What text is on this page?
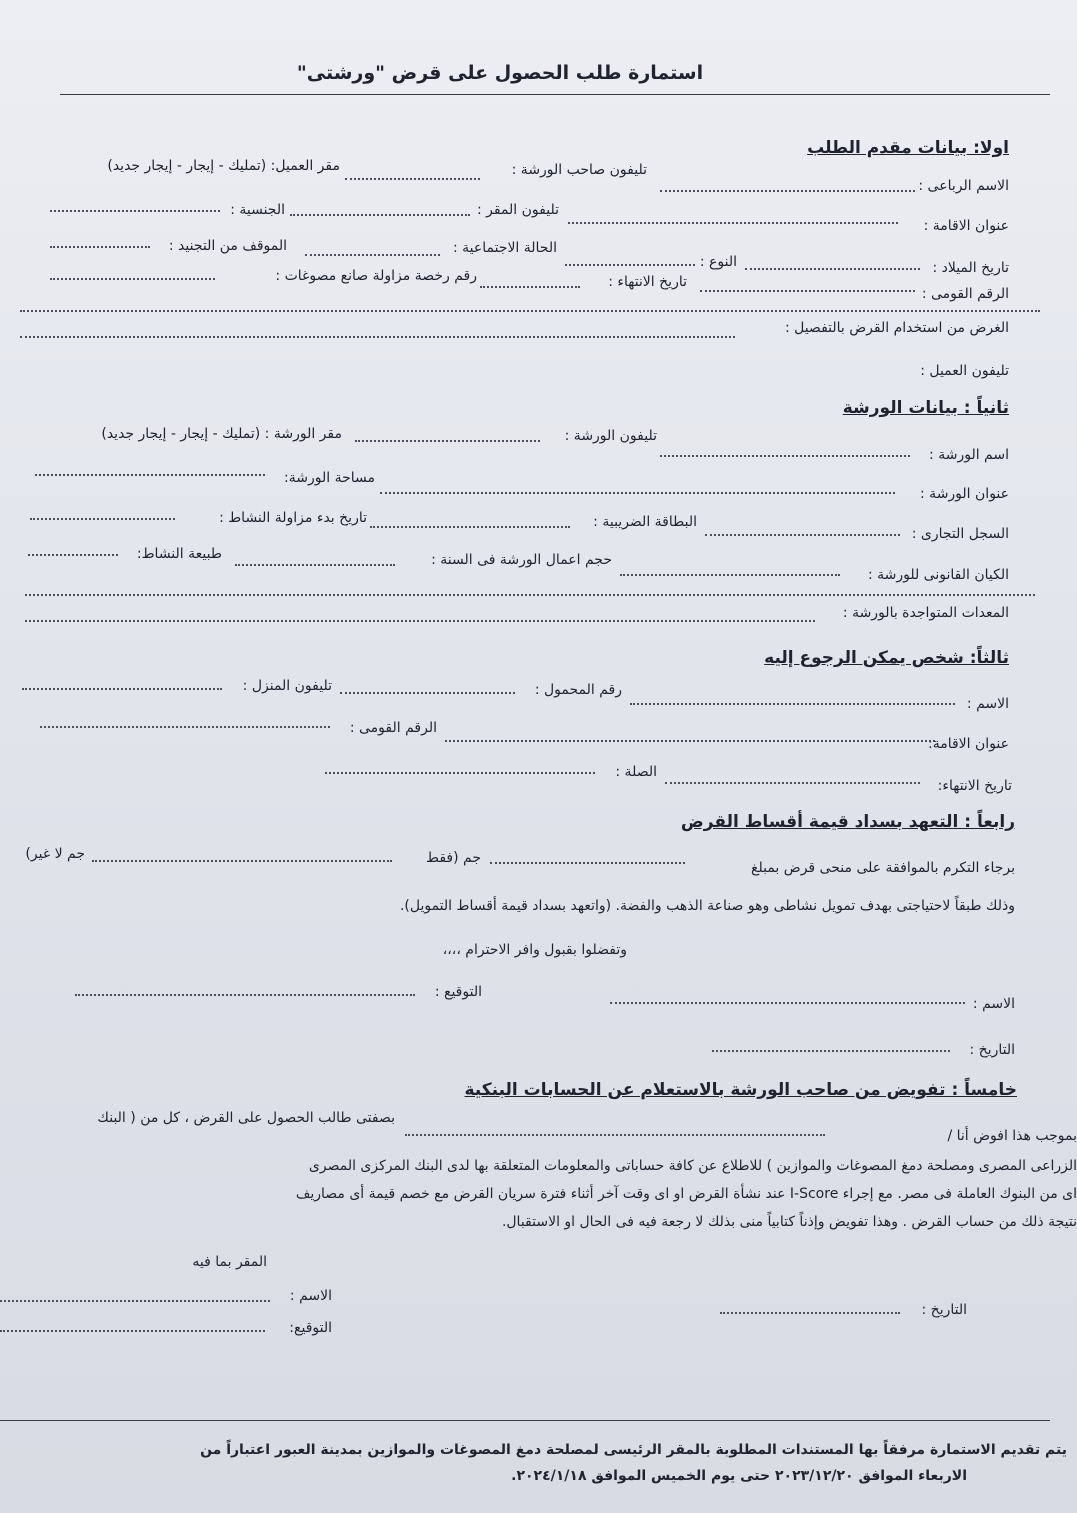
استمارة طلب الحصول على قرض "ورشتى"
اولا: بيانات مقدم الطلب
الاسم الرباعى :
تليفون صاحب الورشة :
مقر العميل: (تمليك - إيجار - إيجار جديد)
عنوان الاقامة :
تليفون المقر :
الجنسية :
تاريخ الميلاد :
النوع :
الحالة الاجتماعية :
الموقف من التجنيد :
الرقم القومى :
تاريخ الانتهاء :
رقم رخصة مزاولة صانع مصوغات :
الغرض من استخدام القرض بالتفصيل :
تليفون العميل :
ثانياً : بيانات الورشة
اسم الورشة :
تليفون الورشة :
مقر الورشة : (تمليك - إيجار - إيجار جديد)
عنوان الورشة :
مساحة الورشة:
السجل التجارى :
البطاقة الضريبية :
تاريخ بدء مزاولة النشاط :
الكيان القانونى للورشة :
حجم اعمال الورشة فى السنة :
طبيعة النشاط:
المعدات المتواجدة بالورشة :
ثالثاً: شخص يمكن الرجوع إليه
الاسم :
رقم المحمول :
تليفون المنزل :
عنوان الاقامة:
الرقم القومى :
تاريخ الانتهاء:
الصلة :
رابعاً : التعهد بسداد قيمة أقساط القرض
برجاء التكرم بالموافقة على منحى قرض بمبلغ
جم (فقط
جم لا غير)
وذلك طبقاً لاحتياجتى بهدف تمويل نشاطى وهو صناعة الذهب والفضة. (واتعهد بسداد قيمة أقساط التمويل).
وتفضلوا بقبول وافر الاحترام ،،،،
الاسم :
التوقيع :
التاريخ :
خامساً : تفويض من صاحب الورشة بالاستعلام عن الحسابات البنكية
بموجب هذا افوض أنا /
بصفتى طالب الحصول على القرض ، كل من ( البنك
الزراعى المصرى ومصلحة دمغ المصوغات والموازين ) للاطلاع عن كافة حساباتى والمعلومات المتعلقة بها لدى البنك المركزى المصرى
اى من البنوك العاملة فى مصر. مع إجراء I-Score عند نشأة القرض او اى وقت آخر أثناء فترة سريان القرض مع خصم قيمة أى مصاريف
نتيجة ذلك من حساب القرض . وهذا تفويض وإذناً كتابياً منى بذلك لا رجعة فيه فى الحال او الاستقبال.
المقر بما فيه
الاسم :
التاريخ :
التوقيع:
يتم تقديم الاستمارة مرفقاً بها المستندات المطلوبة بالمقر الرئيسى لمصلحة دمغ المصوغات والموازين بمدينة العبور اعتباراً من
الاربعاء الموافق ٢٠٢٣/١٢/٢٠ حتى يوم الخميس الموافق ٢٠٢٤/١/١٨.
